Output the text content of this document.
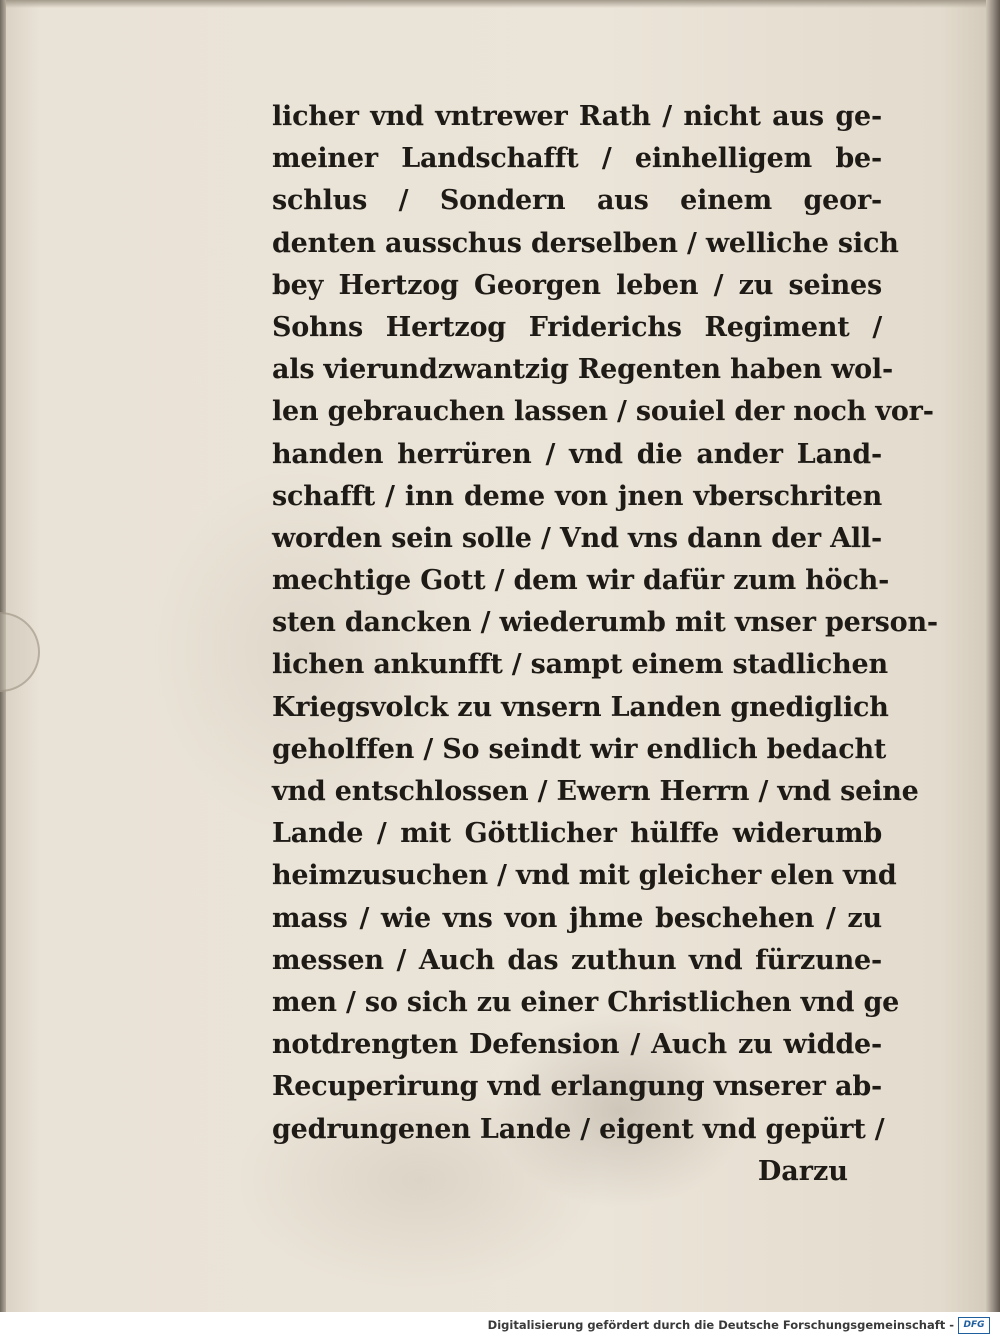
licher vnd vntrewer Rath / nicht aus ge-
meiner Landschafft / einhelligem be-
schlus / Sondern aus einem geor-
denten ausschus derselben / welliche sich
bey Hertzog Georgen leben / zu seines
Sohns Hertzog Friderichs Regiment /
als vierundzwantzig Regenten haben wol-
len gebrauchen lassen / souiel der noch vor-
handen herrüren / vnd die ander Land-
schafft / inn deme von jnen vberschriten
worden sein solle / Vnd vns dann der All-
mechtige Gott / dem wir dafür zum höch-
sten dancken / wiederumb mit vnser person-
lichen ankunfft / sampt einem stadlichen
Kriegsvolck zu vnsern Landen gnediglich
geholffen / So seindt wir endlich bedacht
vnd entschlossen / Ewern Herrn / vnd seine
Lande / mit Göttlicher hülffe widerumb
heimzusuchen / vnd mit gleicher elen vnd
mass / wie vns von jhme beschehen / zu
messen / Auch das zuthun vnd fürzune-
men / so sich zu einer Christlichen vnd ge
notdrengten Defension / Auch zu widde-
Recuperirung vnd erlangung vnserer ab-
gedrungenen Lande / eigent vnd gepürt /
Darzu
Digitalisierung gefördert durch die Deutsche Forschungsgemeinschaft -	DFG
